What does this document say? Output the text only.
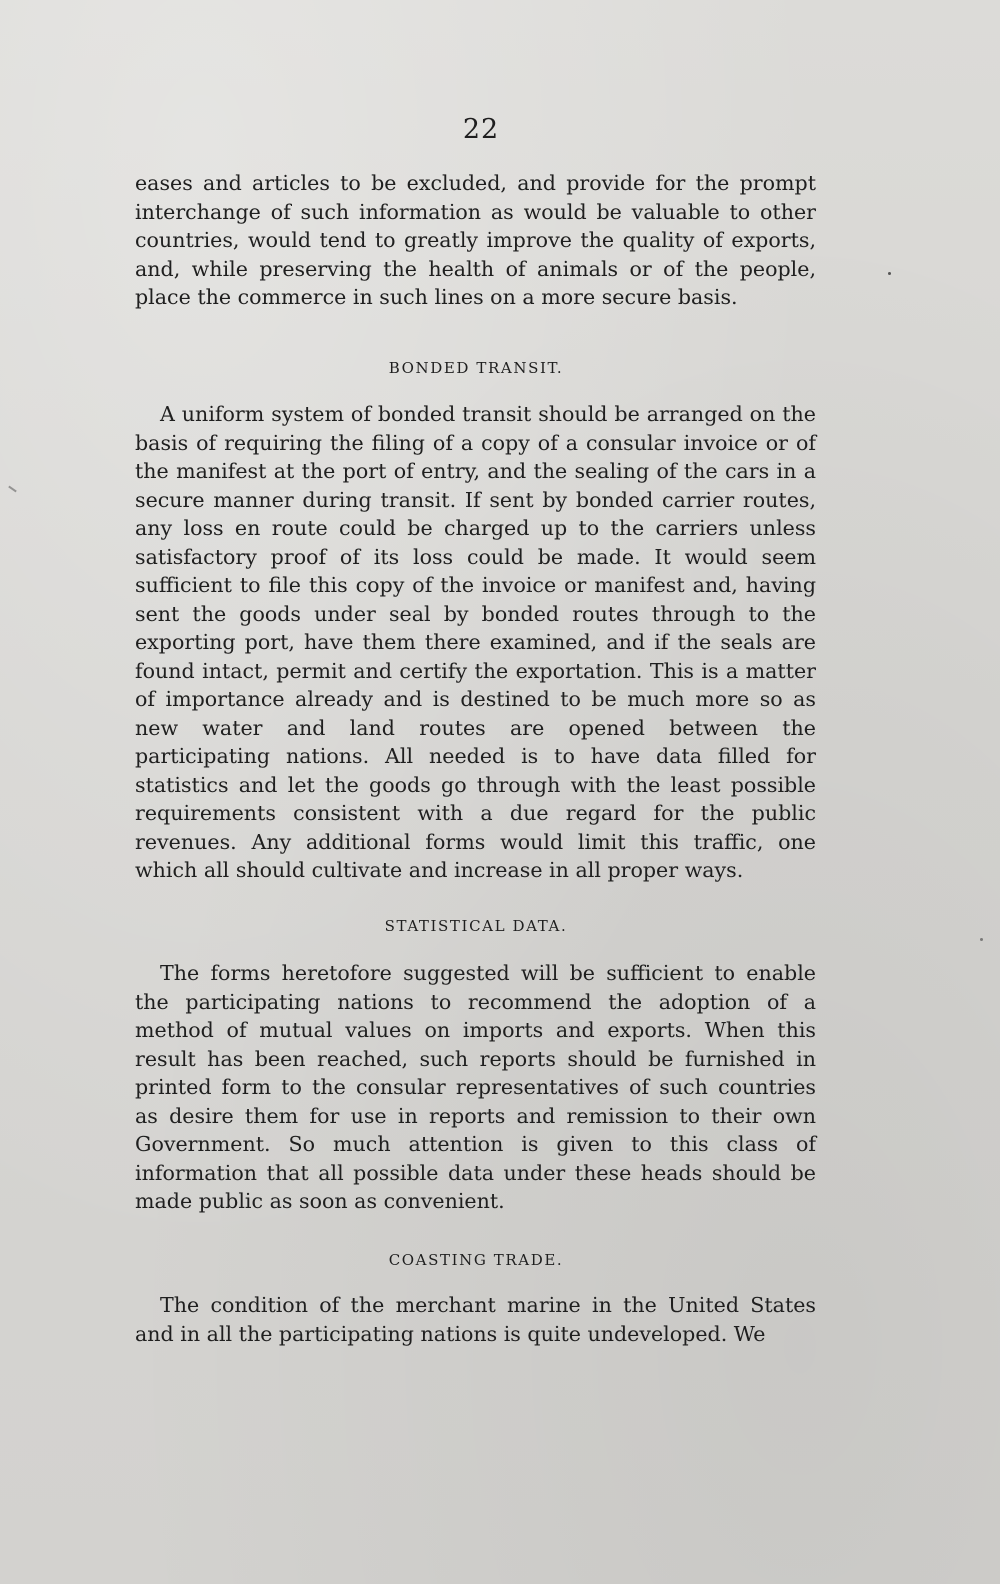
22

eases and articles to be excluded, and provide for the prompt interchange of such information as would be valuable to other countries, would tend to greatly improve the quality of exports, and, while preserving the health of animals or of the people, place the commerce in such lines on a more secure basis.

BONDED TRANSIT.

A uniform system of bonded transit should be arranged on the basis of requiring the filing of a copy of a consular invoice or of the manifest at the port of entry, and the sealing of the cars in a secure manner during transit. If sent by bonded carrier routes, any loss en route could be charged up to the carriers unless satisfactory proof of its loss could be made. It would seem sufficient to file this copy of the invoice or manifest and, having sent the goods under seal by bonded routes through to the exporting port, have them there examined, and if the seals are found intact, permit and certify the exportation. This is a matter of importance already and is destined to be much more so as new water and land routes are opened between the participating nations. All needed is to have data filled for statistics and let the goods go through with the least possible requirements consistent with a due regard for the public revenues. Any additional forms would limit this traffic, one which all should cultivate and increase in all proper ways.

STATISTICAL DATA.

The forms heretofore suggested will be sufficient to enable the participating nations to recommend the adoption of a method of mutual values on imports and exports. When this result has been reached, such reports should be furnished in printed form to the consular representatives of such countries as desire them for use in reports and remission to their own Government. So much attention is given to this class of information that all possible data under these heads should be made public as soon as convenient.

COASTING TRADE.

The condition of the merchant marine in the United States and in all the participating nations is quite undeveloped. We
